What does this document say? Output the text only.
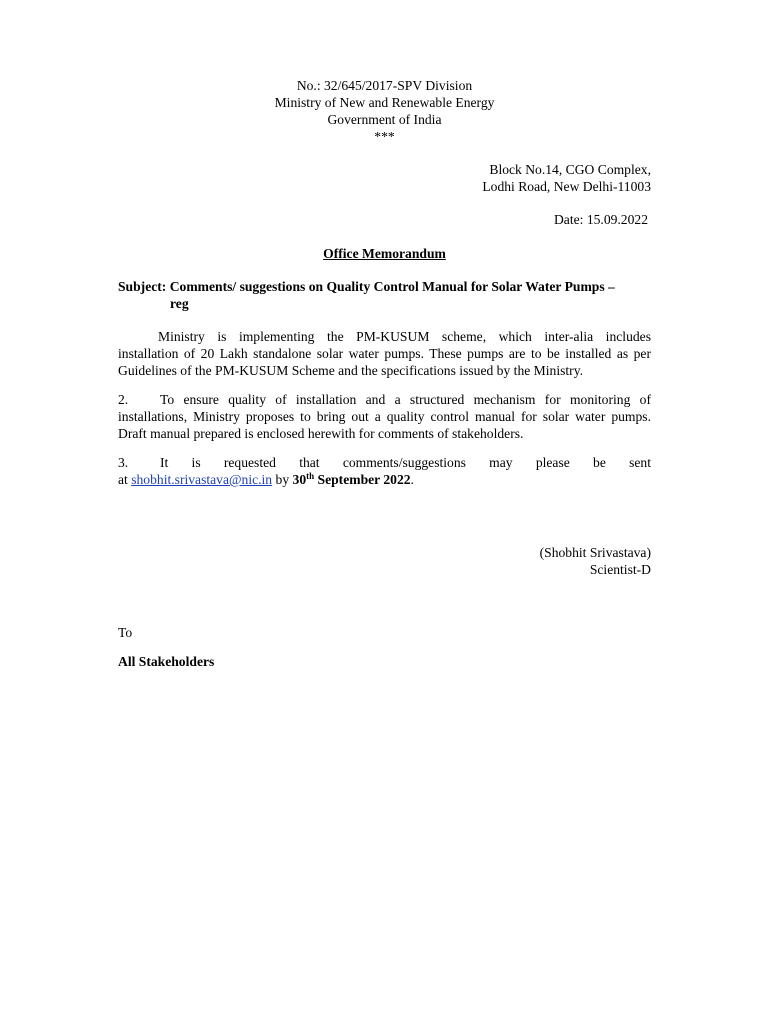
No.: 32/645/2017-SPV Division
Ministry of New and Renewable Energy
Government of India
***
Block No.14, CGO Complex,
Lodhi Road, New Delhi-11003
Date: 15.09.2022
Office Memorandum
Subject: Comments/ suggestions on Quality Control Manual for Solar Water Pumps –
reg
Ministry is implementing the PM-KUSUM scheme, which inter-alia includes
installation of 20 Lakh standalone solar water pumps. These pumps are to be installed as per
Guidelines of the PM-KUSUM Scheme and the specifications issued by the Ministry.
2. To ensure quality of installation and a structured mechanism for monitoring of
installations, Ministry proposes to bring out a quality control manual for solar water pumps.
Draft manual prepared is enclosed herewith for comments of stakeholders.
3. It is requested that comments/suggestions may please be sent
at shobhit.srivastava@nic.in by 30th September 2022.
(Shobhit Srivastava)
Scientist-D
To
All Stakeholders
